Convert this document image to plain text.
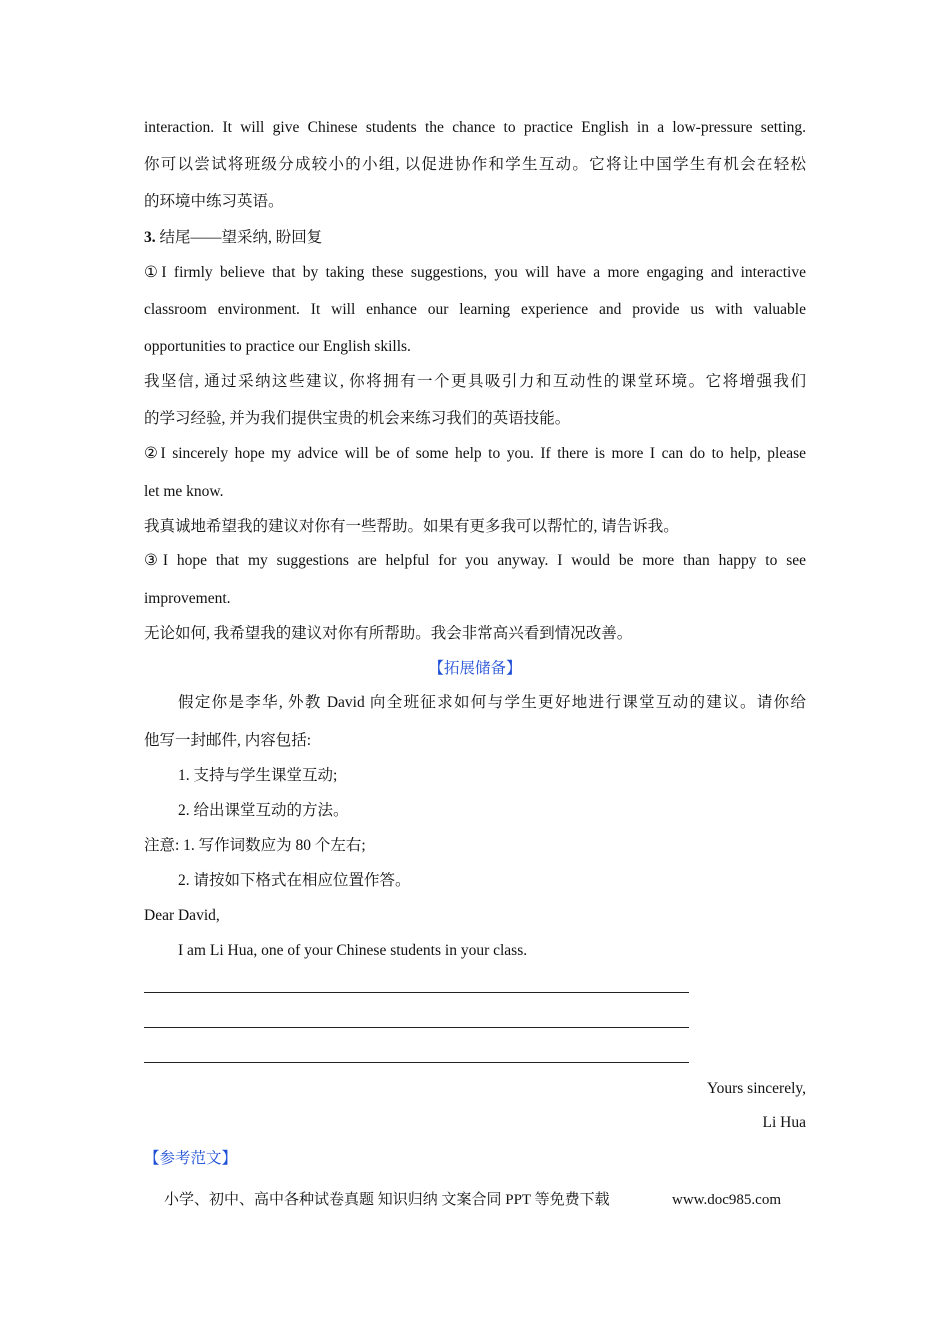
interaction. It will give Chinese students the chance to practice English in a low-pressure setting.
你可以尝试将班级分成较小的小组, 以促进协作和学生互动。它将让中国学生有机会在轻松
的环境中练习英语。
3. 结尾——望采纳, 盼回复
①I firmly believe that by taking these suggestions, you will have a more engaging and interactive
classroom environment. It will enhance our learning experience and provide us with valuable
opportunities to practice our English skills.
我坚信, 通过采纳这些建议, 你将拥有一个更具吸引力和互动性的课堂环境。它将增强我们
的学习经验, 并为我们提供宝贵的机会来练习我们的英语技能。
②I sincerely hope my advice will be of some help to you. If there is more I can do to help, please
let me know.
我真诚地希望我的建议对你有一些帮助。如果有更多我可以帮忙的, 请告诉我。
③I hope that my suggestions are helpful for you anyway. I would be more than happy to see
improvement.
无论如何, 我希望我的建议对你有所帮助。我会非常高兴看到情况改善。
【拓展储备】
假定你是李华, 外教 David 向全班征求如何与学生更好地进行课堂互动的建议。请你给
他写一封邮件, 内容包括:
1. 支持与学生课堂互动;
2. 给出课堂互动的方法。
注意: 1. 写作词数应为 80 个左右;
2. 请按如下格式在相应位置作答。
Dear David,
I am Li Hua, one of your Chinese students in your class.
Yours sincerely,
Li Hua
【参考范文】
小学、初中、高中各种试卷真题 知识归纳 文案合同 PPT 等免费下载	www.doc985.com
